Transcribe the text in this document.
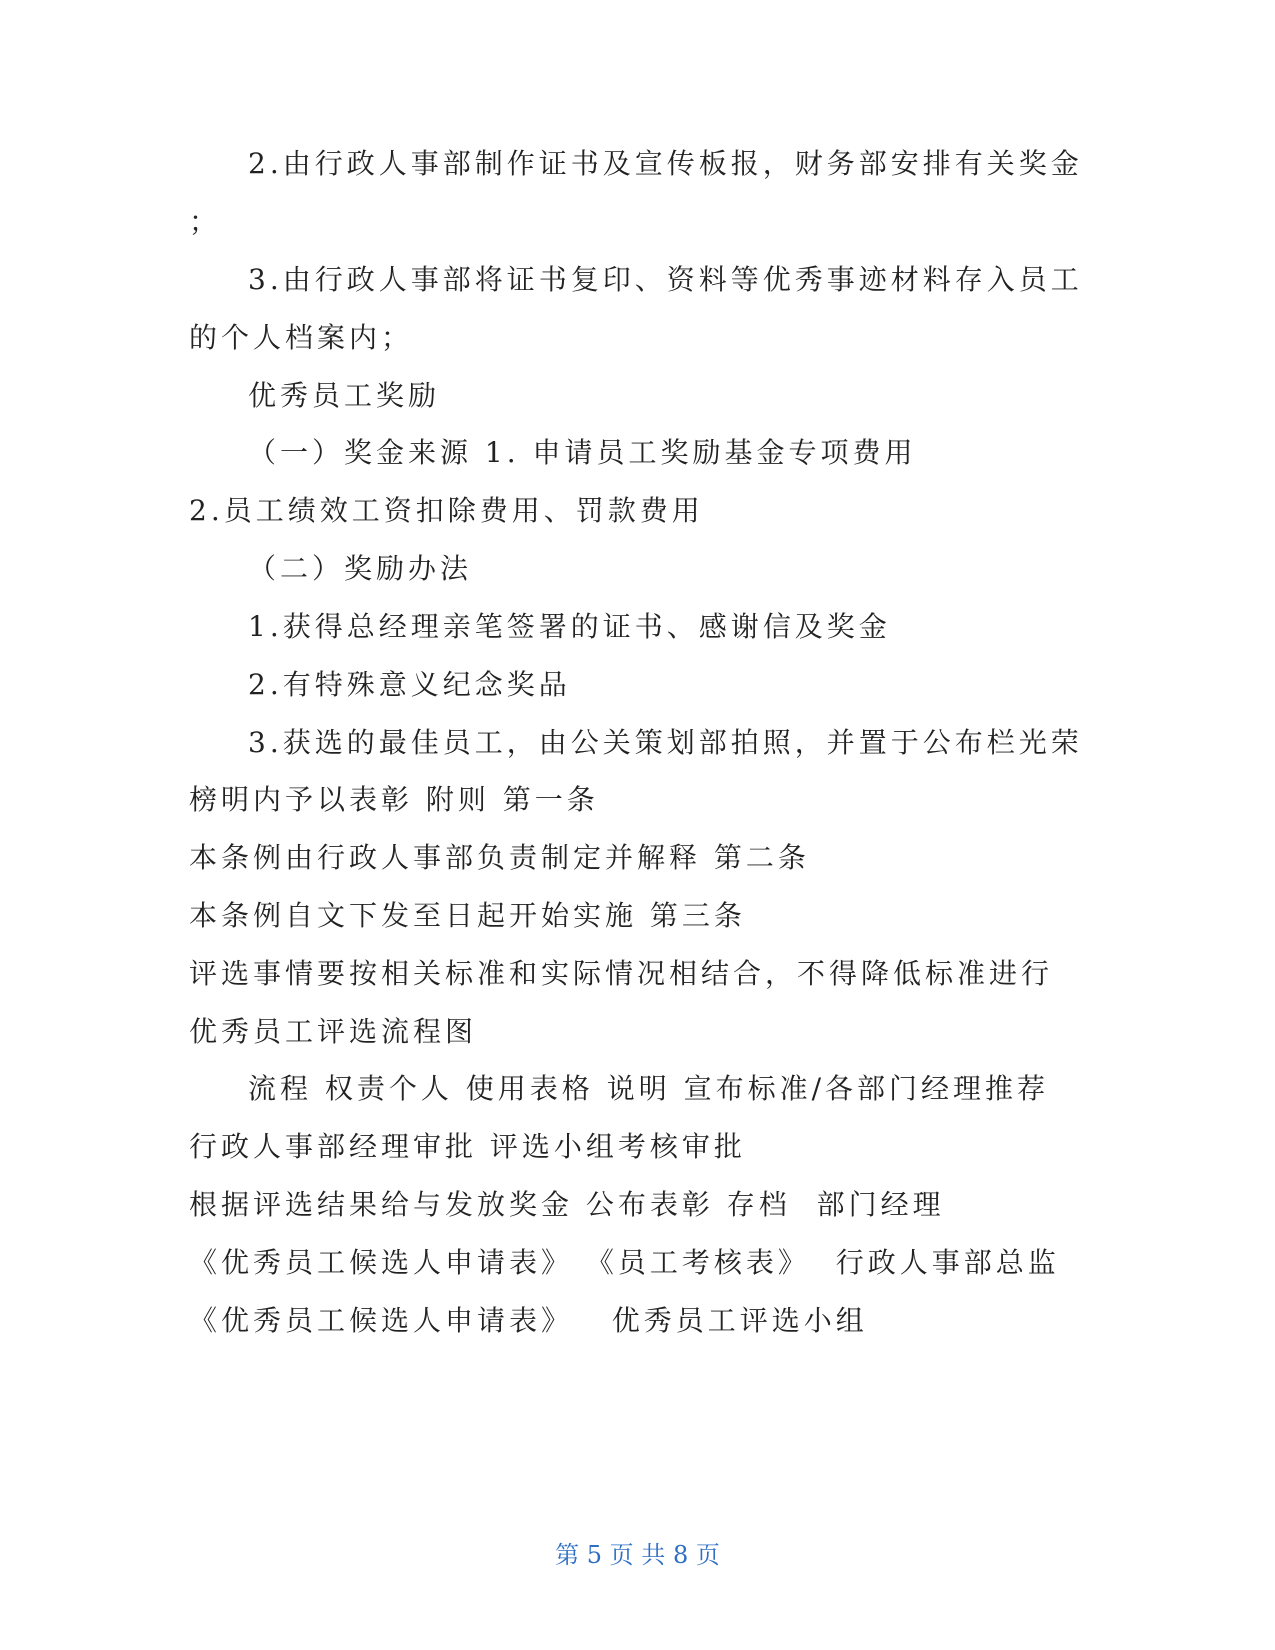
2.由行政人事部制作证书及宣传板报，财务部安排有关奖金
；
3.由行政人事部将证书复印、资料等优秀事迹材料存入员工
的个人档案内；
优秀员工奖励
（一）奖金来源 1. 申请员工奖励基金专项费用
2.员工绩效工资扣除费用、罚款费用
（二）奖励办法
1.获得总经理亲笔签署的证书、感谢信及奖金
2.有特殊意义纪念奖品
3.获选的最佳员工，由公关策划部拍照，并置于公布栏光荣
榜明内予以表彰 附则 第一条
本条例由行政人事部负责制定并解释 第二条
本条例自文下发至日起开始实施 第三条
评选事情要按相关标准和实际情况相结合，不得降低标准进行
优秀员工评选流程图
流程 权责个人 使用表格 说明 宣布标准/各部门经理推荐
行政人事部经理审批 评选小组考核审批
根据评选结果给与发放奖金 公布表彰 存档  部门经理
《优秀员工候选人申请表》 《员工考核表》  行政人事部总监
《优秀员工候选人申请表》   优秀员工评选小组
第 5 页 共 8 页
